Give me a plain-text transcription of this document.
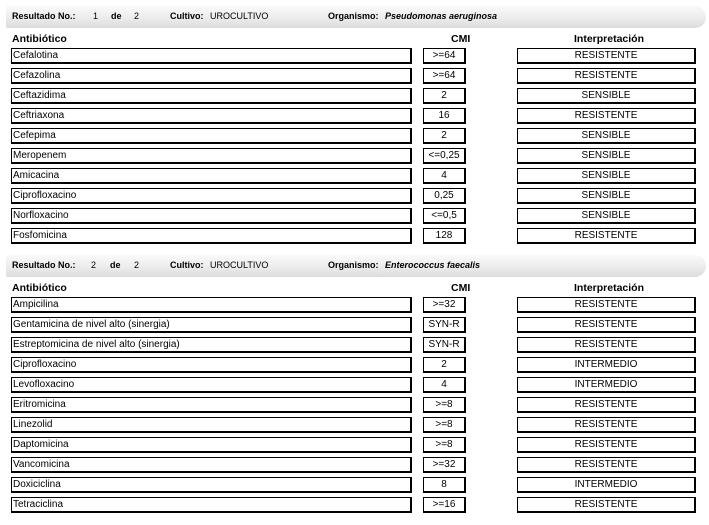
Resultado No.: 1 de 2	Cultivo: UROCULTIVO	Organismo: Pseudomonas aeruginosa
Antibiótico	CMI	Interpretación
Cefalotina	>=64	RESISTENTE
Cefazolina	>=64	RESISTENTE
Ceftazidima	2	SENSIBLE
Ceftriaxona	16	RESISTENTE
Cefepima	2	SENSIBLE
Meropenem	<=0,25	SENSIBLE
Amicacina	4	SENSIBLE
Ciprofloxacino	0,25	SENSIBLE
Norfloxacino	<=0,5	SENSIBLE
Fosfomicina	128	RESISTENTE
Resultado No.: 2 de 2	Cultivo: UROCULTIVO	Organismo: Enterococcus faecalis
Antibiótico	CMI	Interpretación
Ampicilina	>=32	RESISTENTE
Gentamicina de nivel alto (sinergia)	SYN-R	RESISTENTE
Estreptomicina de nivel alto (sinergia)	SYN-R	RESISTENTE
Ciprofloxacino	2	INTERMEDIO
Levofloxacino	4	INTERMEDIO
Eritromicina	>=8	RESISTENTE
Linezolid	>=8	RESISTENTE
Daptomicina	>=8	RESISTENTE
Vancomicina	>=32	RESISTENTE
Doxiciclina	8	INTERMEDIO
Tetraciclina	>=16	RESISTENTE
